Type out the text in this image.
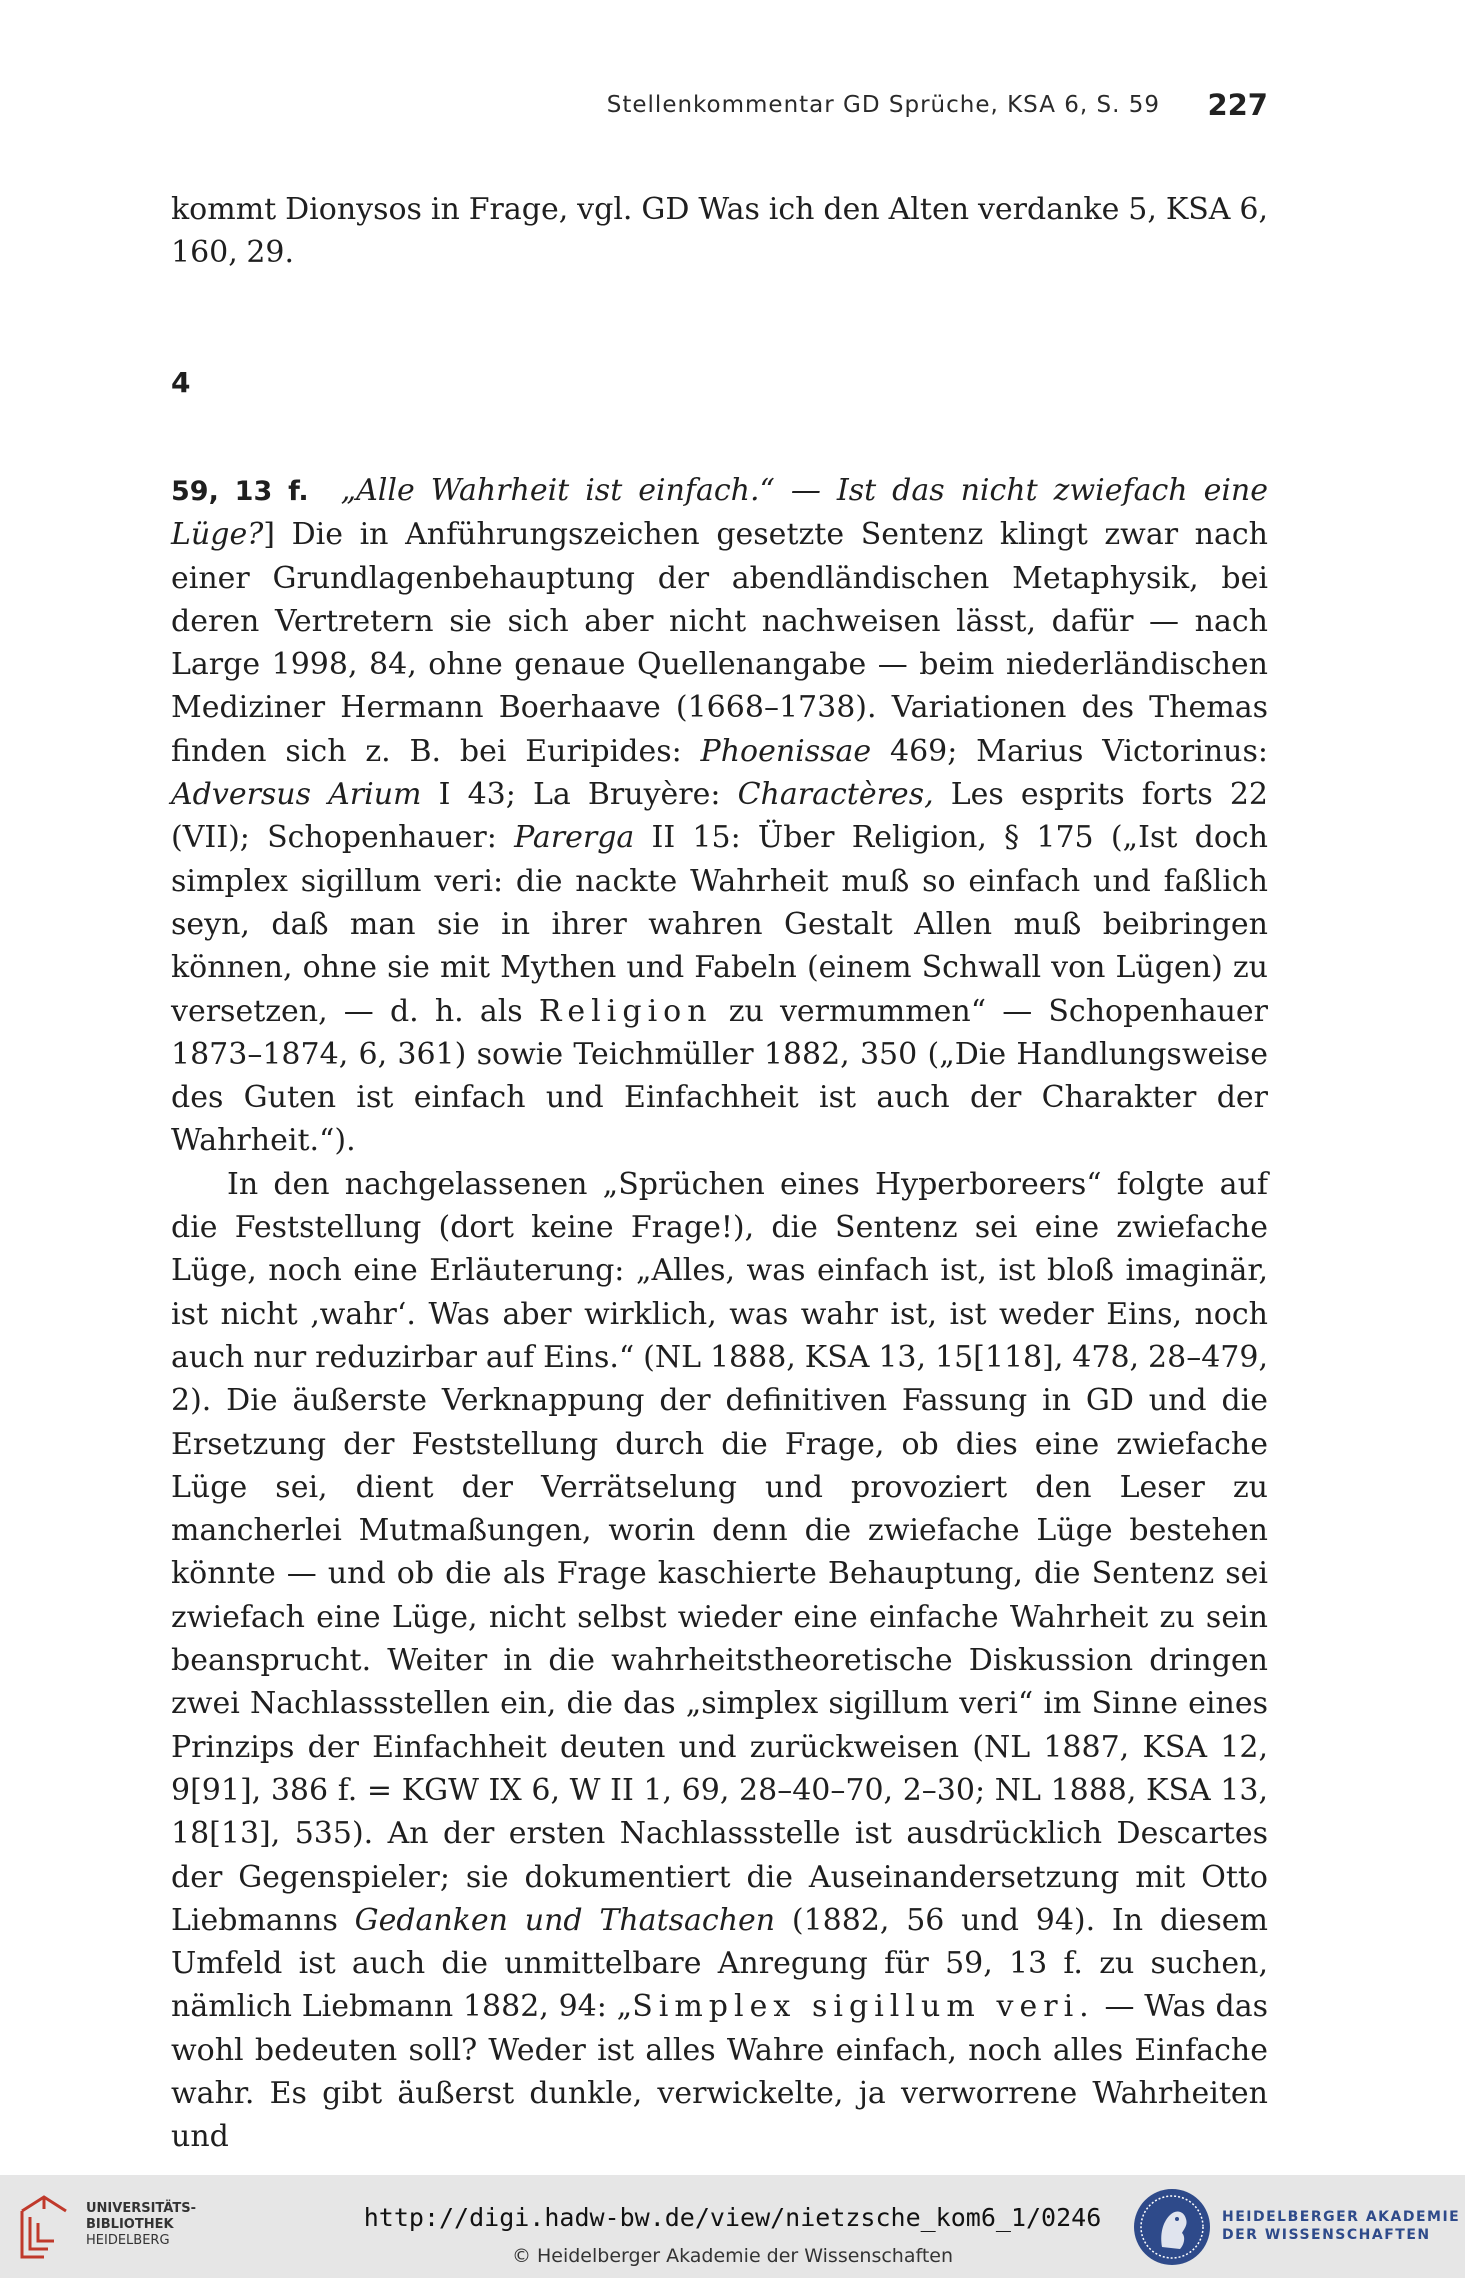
Stellenkommentar GD Sprüche, KSA 6, S. 59 227

kommt Dionysos in Frage, vgl. GD Was ich den Alten verdanke 5, KSA 6, 160, 29.

4

59, 13 f. „Alle Wahrheit ist einfach.“ — Ist das nicht zwiefach eine Lüge?] Die in Anführungszeichen gesetzte Sentenz klingt zwar nach einer Grundlagenbehauptung der abendländischen Metaphysik, bei deren Vertretern sie sich aber nicht nachweisen lässt, dafür — nach Large 1998, 84, ohne genaue Quellenangabe — beim niederländischen Mediziner Hermann Boerhaave (1668–1738). Variationen des Themas finden sich z. B. bei Euripides: Phoenissae 469; Marius Victorinus: Adversus Arium I 43; La Bruyère: Charactères, Les esprits forts 22 (VII); Schopenhauer: Parerga II 15: Über Religion, § 175 („Ist doch simplex sigillum veri: die nackte Wahrheit muß so einfach und faßlich seyn, daß man sie in ihrer wahren Gestalt Allen muß beibringen können, ohne sie mit Mythen und Fabeln (einem Schwall von Lügen) zu versetzen, — d. h. als Religion zu vermummen“ — Schopenhauer 1873–1874, 6, 361) sowie Teichmüller 1882, 350 („Die Handlungsweise des Guten ist einfach und Einfachheit ist auch der Charakter der Wahrheit.“).

In den nachgelassenen „Sprüchen eines Hyperboreers“ folgte auf die Feststellung (dort keine Frage!), die Sentenz sei eine zwiefache Lüge, noch eine Erläuterung: „Alles, was einfach ist, ist bloß imaginär, ist nicht ‚wahr‘. Was aber wirklich, was wahr ist, ist weder Eins, noch auch nur reduzirbar auf Eins.“ (NL 1888, KSA 13, 15[118], 478, 28–479, 2). Die äußerste Verknappung der definitiven Fassung in GD und die Ersetzung der Feststellung durch die Frage, ob dies eine zwiefache Lüge sei, dient der Verrätselung und provoziert den Leser zu mancherlei Mutmaßungen, worin denn die zwiefache Lüge bestehen könnte — und ob die als Frage kaschierte Behauptung, die Sentenz sei zwiefach eine Lüge, nicht selbst wieder eine einfache Wahrheit zu sein beansprucht. Weiter in die wahrheitstheoretische Diskussion dringen zwei Nachlassstellen ein, die das „simplex sigillum veri“ im Sinne eines Prinzips der Einfachheit deuten und zurückweisen (NL 1887, KSA 12, 9[91], 386 f. = KGW IX 6, W II 1, 69, 28–40–70, 2–30; NL 1888, KSA 13, 18[13], 535). An der ersten Nachlassstelle ist ausdrücklich Descartes der Gegenspieler; sie dokumentiert die Auseinandersetzung mit Otto Liebmanns Gedanken und Thatsachen (1882, 56 und 94). In diesem Umfeld ist auch die unmittelbare Anregung für 59, 13 f. zu suchen, nämlich Liebmann 1882, 94: „Simplex sigillum veri. — Was das wohl bedeuten soll? Weder ist alles Wahre einfach, noch alles Einfache wahr. Es gibt äußerst dunkle, verwickelte, ja verworrene Wahrheiten und

UNIVERSITÄTS-
BIBLIOTHEK
HEIDELBERG
http://digi.hadw-bw.de/view/nietzsche_kom6_1/0246
© Heidelberger Akademie der Wissenschaften
HEIDELBERGER AKADEMIE
DER WISSENSCHAFTEN
